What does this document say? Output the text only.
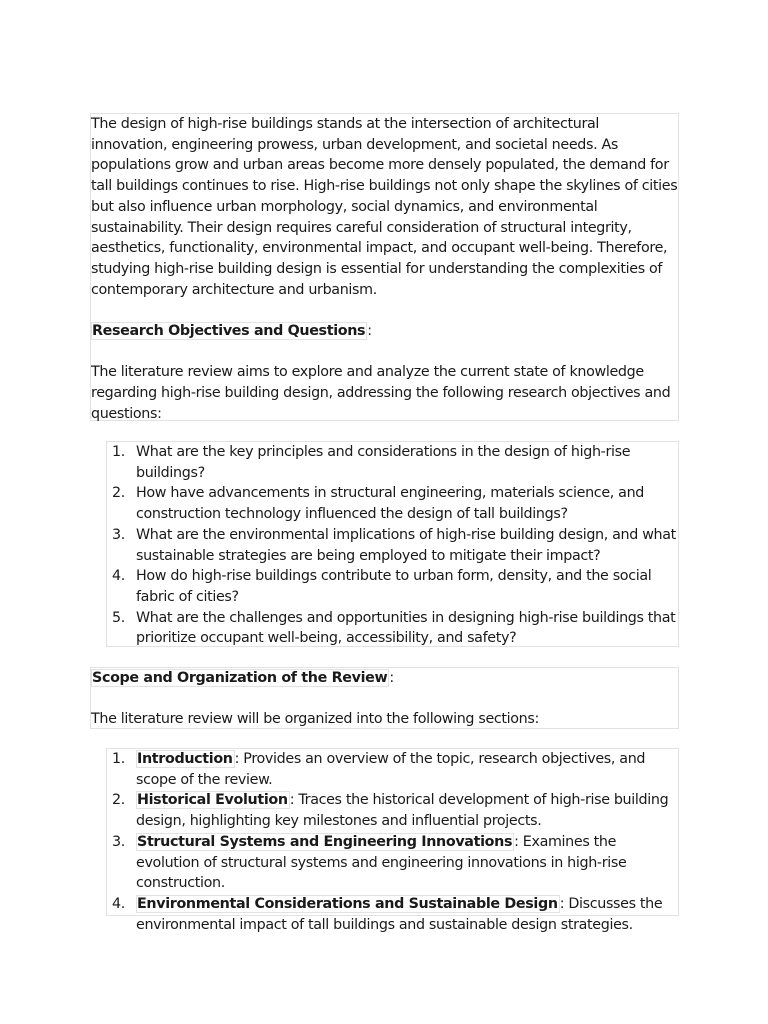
The design of high-rise buildings stands at the intersection of architectural innovation, engineering prowess, urban development, and societal needs. As populations grow and urban areas become more densely populated, the demand for tall buildings continues to rise. High-rise buildings not only shape the skylines of cities but also influence urban morphology, social dynamics, and environmental sustainability. Their design requires careful consideration of structural integrity, aesthetics, functionality, environmental impact, and occupant well-being. Therefore, studying high-rise building design is essential for understanding the complexities of contemporary architecture and urbanism.

Research Objectives and Questions :

The literature review aims to explore and analyze the current state of knowledge regarding high-rise building design, addressing the following research objectives and questions:

1. What are the key principles and considerations in the design of high-rise buildings?
2. How have advancements in structural engineering, materials science, and construction technology influenced the design of tall buildings?
3. What are the environmental implications of high-rise building design, and what sustainable strategies are being employed to mitigate their impact?
4. How do high-rise buildings contribute to urban form, density, and the social fabric of cities?
5. What are the challenges and opportunities in designing high-rise buildings that prioritize occupant well-being, accessibility, and safety?

Scope and Organization of the Review :

The literature review will be organized into the following sections:

1. Introduction : Provides an overview of the topic, research objectives, and scope of the review.
2. Historical Evolution : Traces the historical development of high-rise building design, highlighting key milestones and influential projects.
3. Structural Systems and Engineering Innovations : Examines the evolution of structural systems and engineering innovations in high-rise construction.
4. Environmental Considerations and Sustainable Design : Discusses the environmental impact of tall buildings and sustainable design strategies.
